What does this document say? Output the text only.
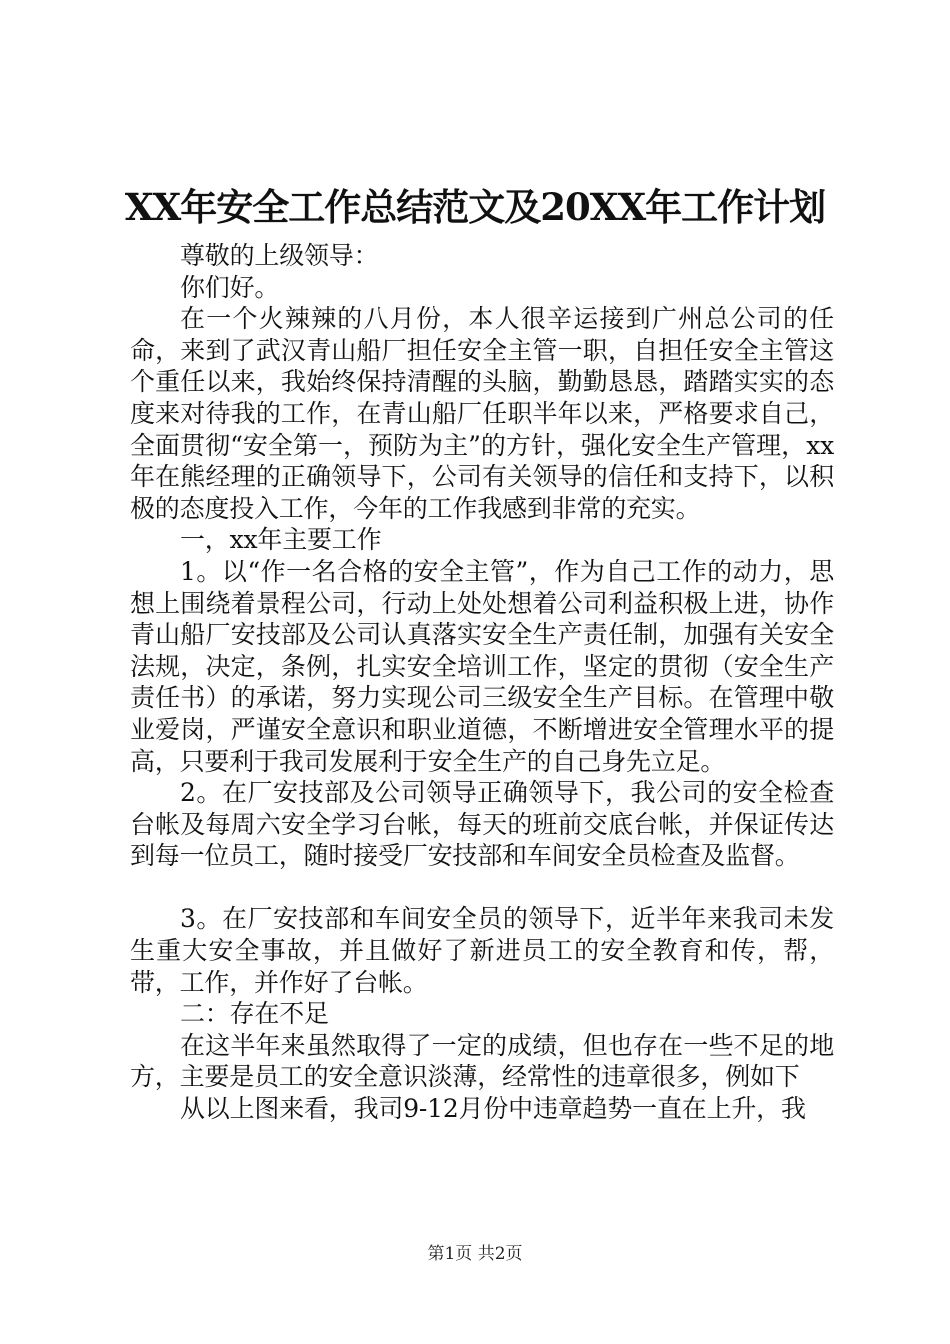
XX年安全工作总结范文及20XX年工作计划

尊敬的上级领导：

你们好。

在一个火辣辣的八月份，本人很辛运接到广州总公司的任命，来到了武汉青山船厂担任安全主管一职，自担任安全主管这个重任以来，我始终保持清醒的头脑，勤勤恳恳，踏踏实实的态度来对待我的工作，在青山船厂任职半年以来，严格要求自己，全面贯彻“安全第一，预防为主”的方针，强化安全生产管理，xx年在熊经理的正确领导下，公司有关领导的信任和支持下，以积极的态度投入工作，今年的工作我感到非常的充实。

一，xx年主要工作

1。以“作一名合格的安全主管”，作为自己工作的动力，思想上围绕着景程公司，行动上处处想着公司利益积极上进，协作青山船厂安技部及公司认真落实安全生产责任制，加强有关安全法规，决定，条例，扎实安全培训工作，坚定的贯彻（安全生产责任书）的承诺，努力实现公司三级安全生产目标。在管理中敬业爱岗，严谨安全意识和职业道德，不断增进安全管理水平的提高，只要利于我司发展利于安全生产的自己身先立足。

2。在厂安技部及公司领导正确领导下，我公司的安全检查台帐及每周六安全学习台帐，每天的班前交底台帐，并保证传达到每一位员工，随时接受厂安技部和车间安全员检查及监督。

3。在厂安技部和车间安全员的领导下，近半年来我司未发生重大安全事故，并且做好了新进员工的安全教育和传，帮，带，工作，并作好了台帐。

二：存在不足

在这半年来虽然取得了一定的成绩，但也存在一些不足的地方，主要是员工的安全意识淡薄，经常性的违章很多，例如下

从以上图来看，我司9-12月份中违章趋势一直在上升，我

第1页 共2页
